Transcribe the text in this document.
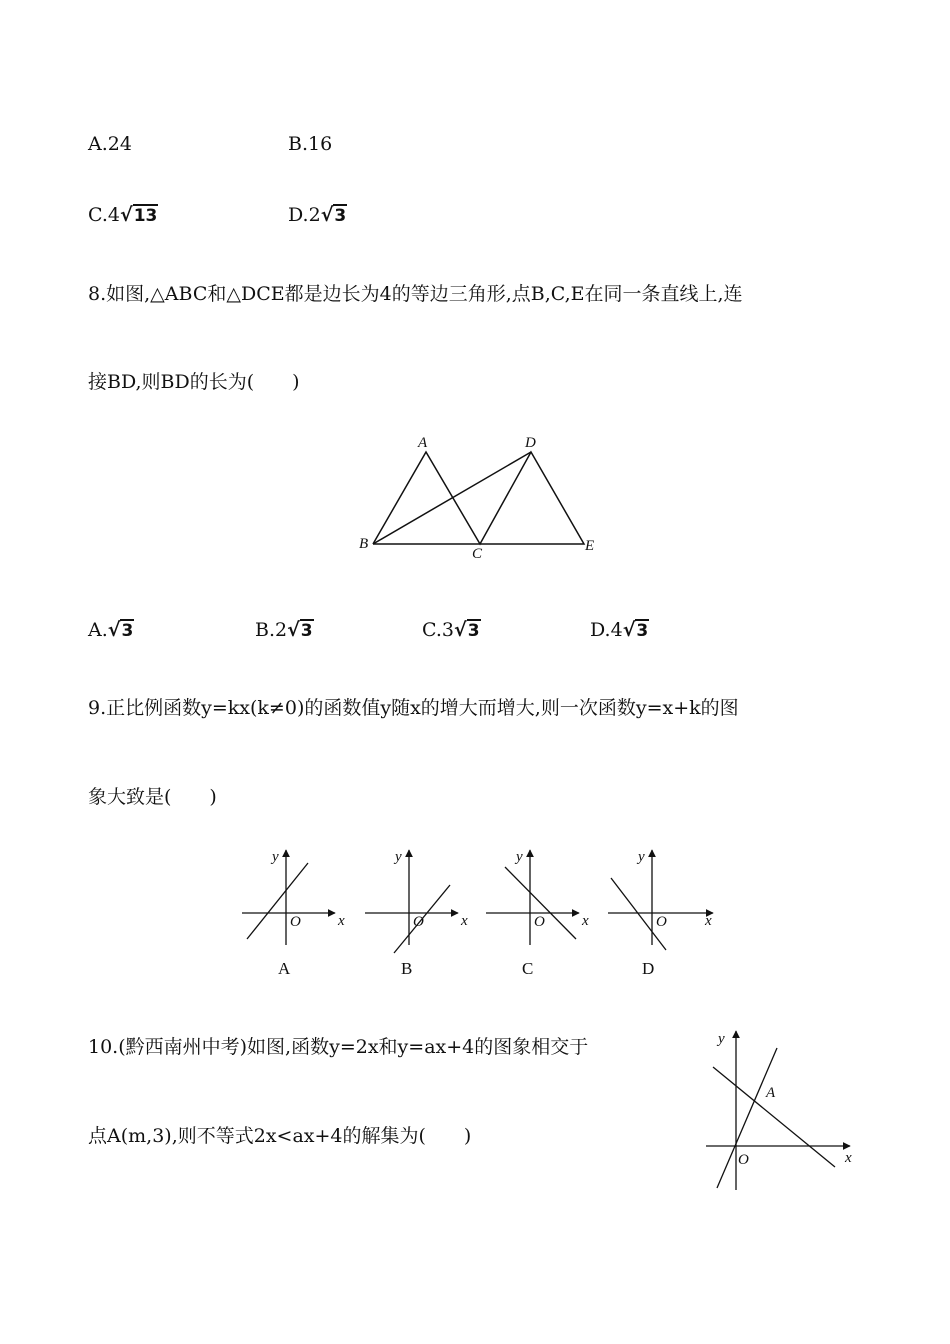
A.24	B.16
C.4√13	D.2√3
8.如图,△ABC和△DCE都是边长为4的等边三角形,点B,C,E在同一条直线上,连
接BD,则BD的长为(　　)
A	D
B
C	E
A.√3	B.2√3	C.3√3	D.4√3
9.正比例函数y=kx(k≠0)的函数值y随x的增大而增大,则一次函数y=x+k的图
象大致是(　　)
y
x
O
A
y
x
O
B
y
x
O
C
y
x
O
D
10.(黔西南州中考)如图,函数y=2x和y=ax+4的图象相交于
点A(m,3),则不等式2x<ax+4的解集为(　　)
y
x
O
A
